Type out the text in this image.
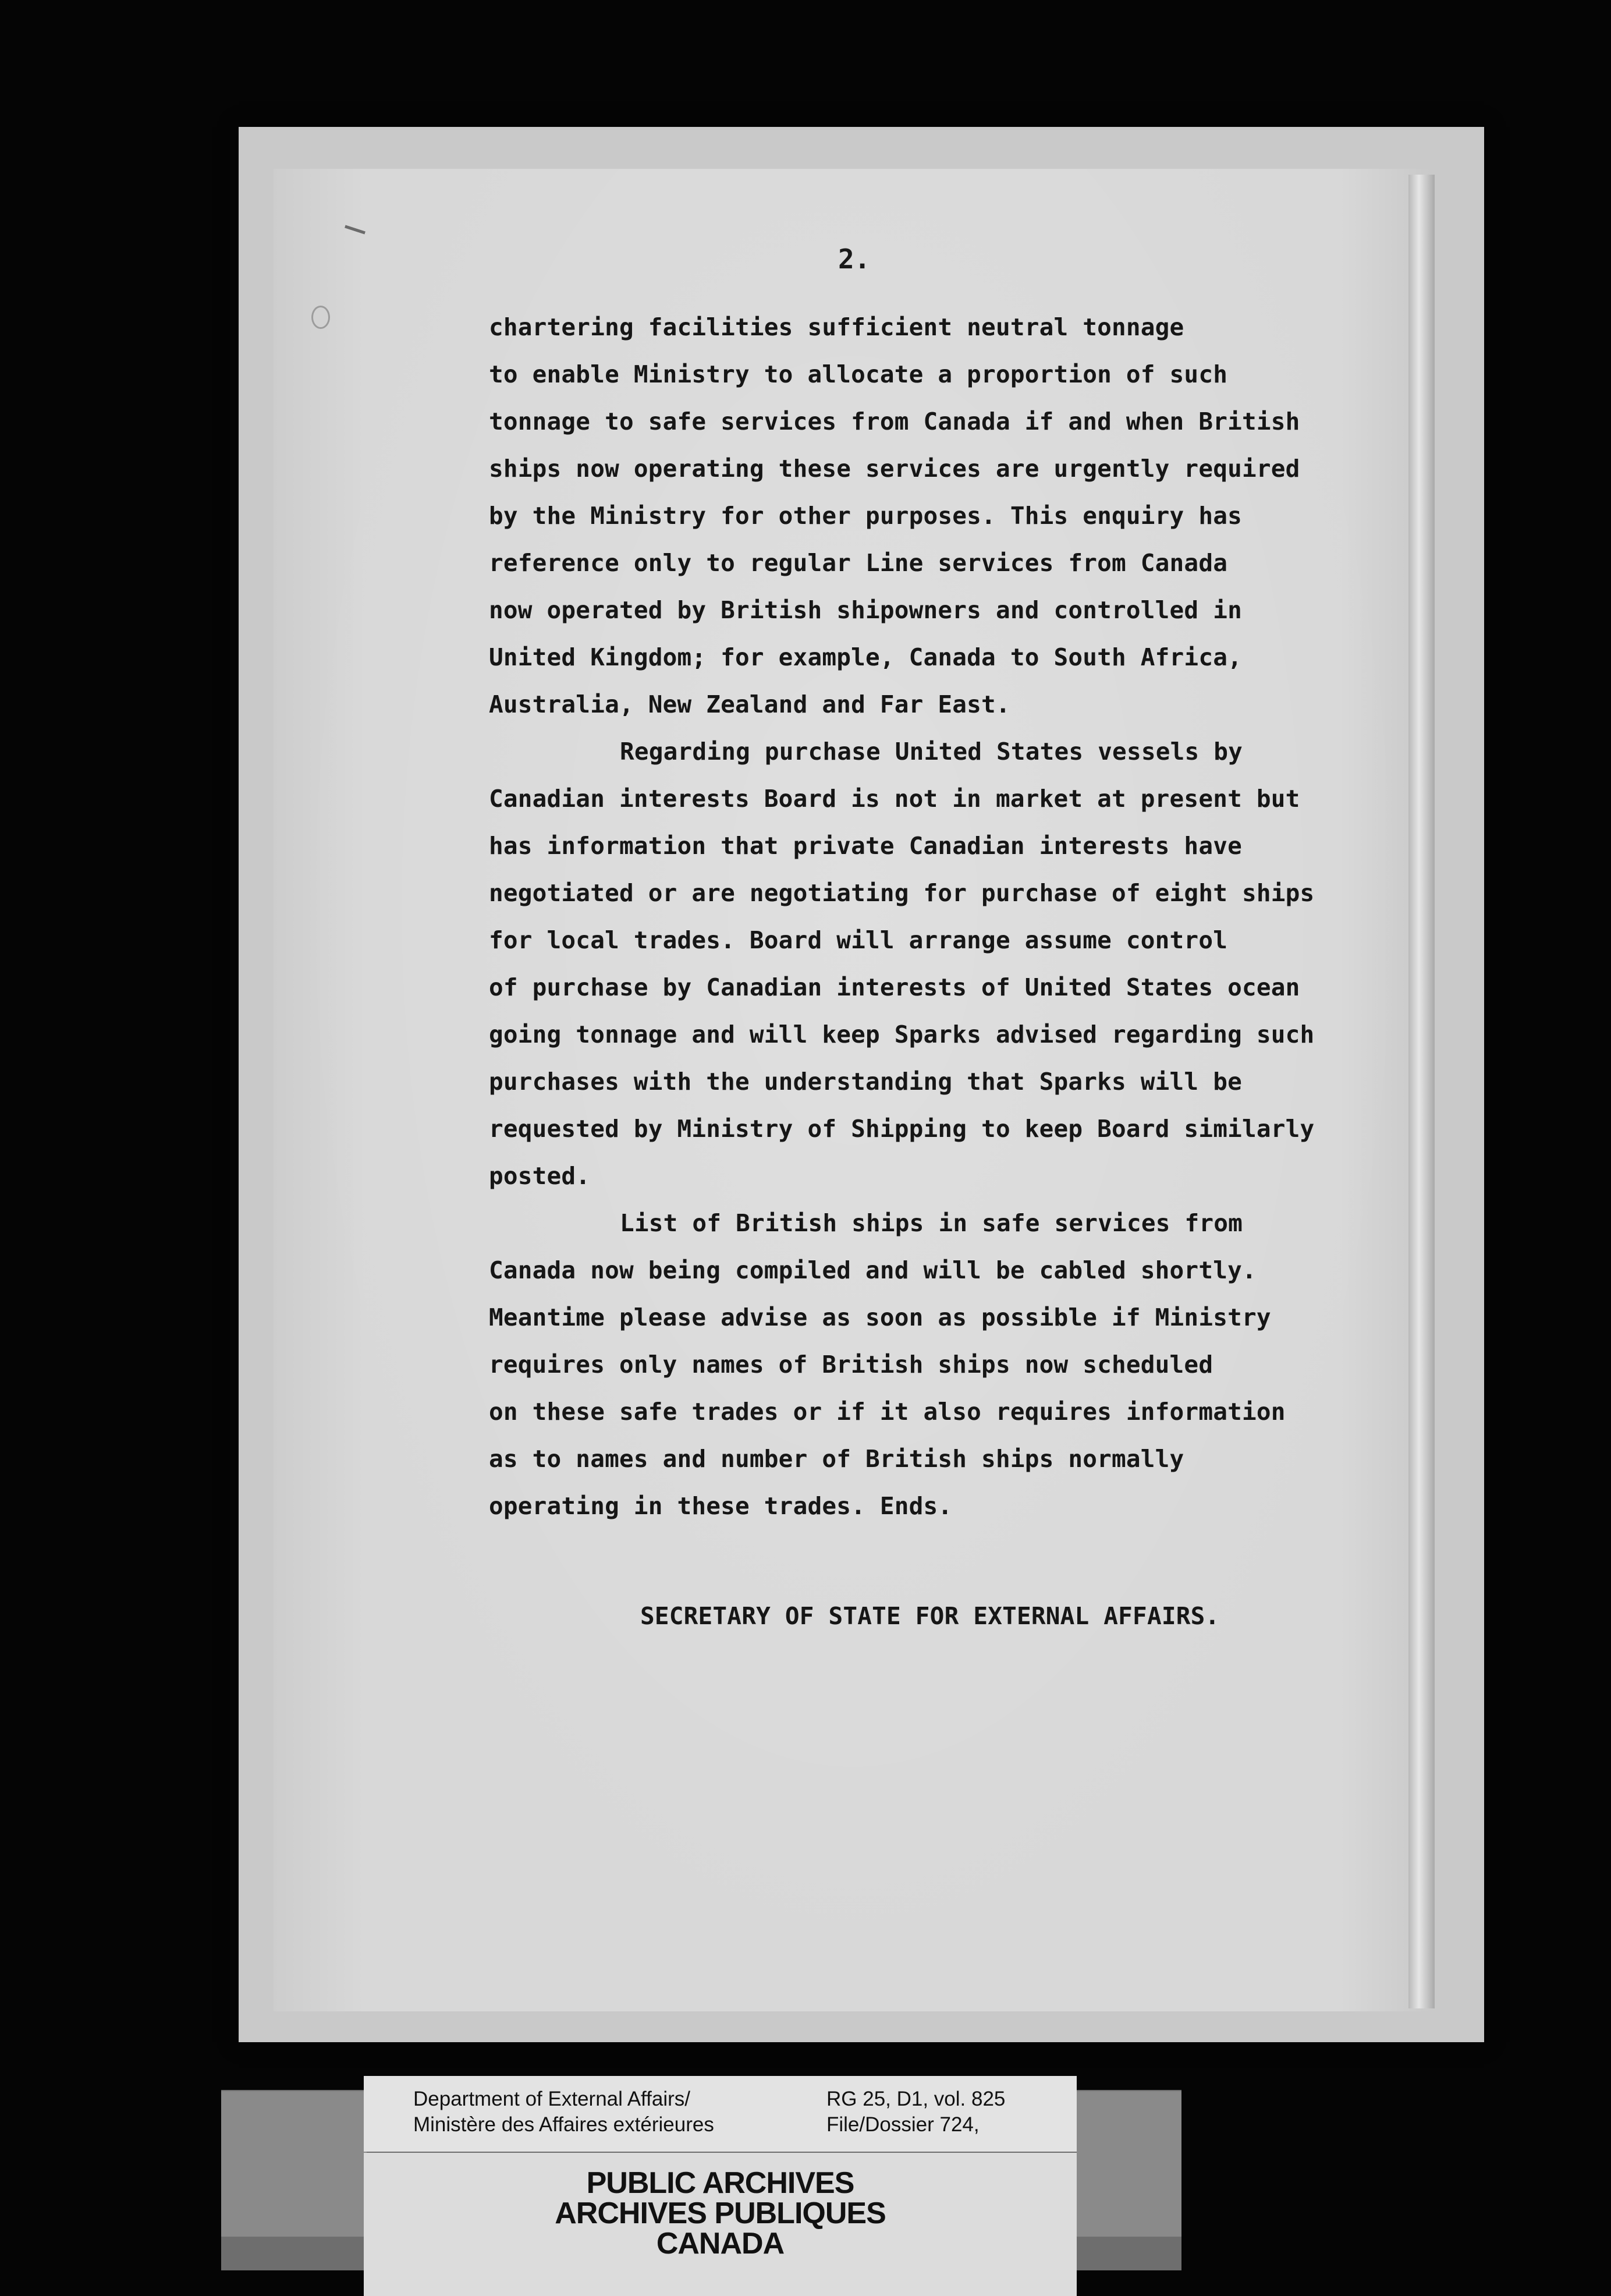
2.
chartering facilities sufficient neutral tonnage
to enable Ministry to allocate a proportion of such
tonnage to safe services from Canada if and when British
ships now operating these services are urgently required
by the Ministry for other purposes. This enquiry has
reference only to regular Line services from Canada
now operated by British shipowners and controlled in
United Kingdom; for example, Canada to South Africa,
Australia, New Zealand and Far East.
Regarding purchase United States vessels by
Canadian interests Board is not in market at present but
has information that private Canadian interests have
negotiated or are negotiating for purchase of eight ships
for local trades. Board will arrange assume control
of purchase by Canadian interests of United States ocean
going tonnage and will keep Sparks advised regarding such
purchases with the understanding that Sparks will be
requested by Ministry of Shipping to keep Board similarly
posted.
List of British ships in safe services from
Canada now being compiled and will be cabled shortly.
Meantime please advise as soon as possible if Ministry
requires only names of British ships now scheduled
on these safe trades or if it also requires information
as to names and number of British ships normally
operating in these trades. Ends.
SECRETARY OF STATE FOR EXTERNAL AFFAIRS.
Department of External Affairs/
Ministère des Affaires extérieures
RG 25, D1, vol. 825
File/Dossier 724,
PUBLIC ARCHIVES
ARCHIVES PUBLIQUES
CANADA
